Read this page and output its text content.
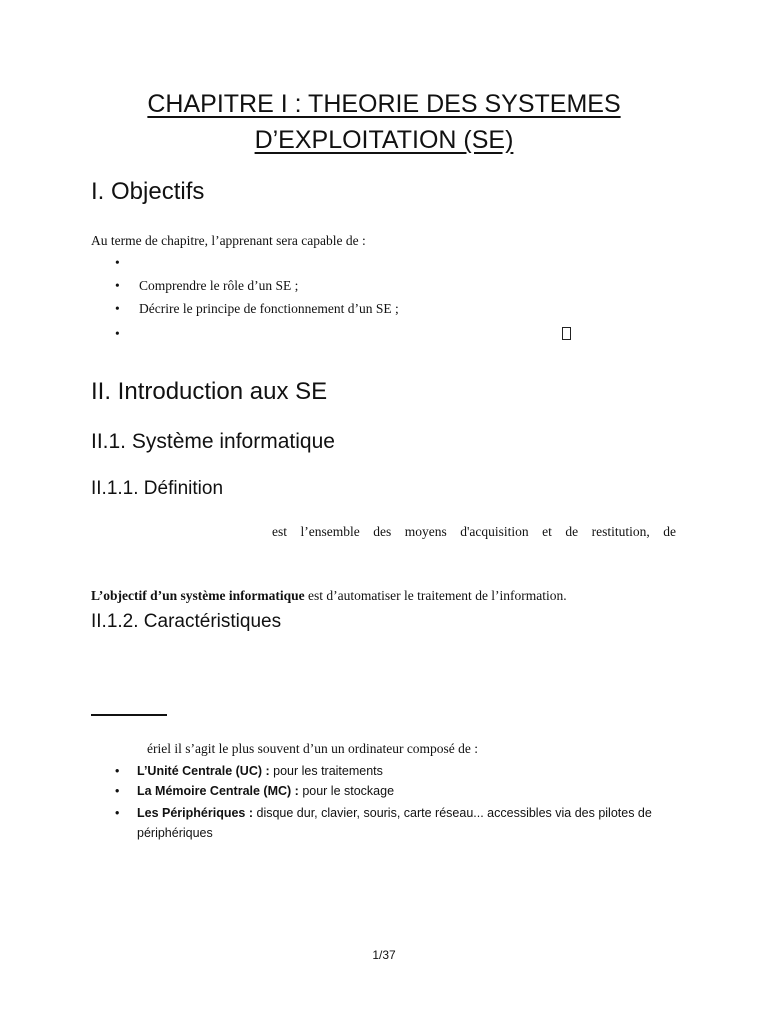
CHAPITRE I : THEORIE DES SYSTEMES
D’EXPLOITATION (SE)
I. Objectifs
Au terme de chapitre, l’apprenant sera capable de :
•
• Comprendre le rôle d’un SE ;
• Décrire le principe de fonctionnement d’un SE ;
•
II. Introduction aux SE
II.1. Système informatique
II.1.1. Définition
est l’ensemble des moyens d'acquisition et de restitution, de
L’objectif d’un système informatique est d’automatiser le traitement de l’information.
II.1.2. Caractéristiques
ériel il s’agit le plus souvent d’un un ordinateur composé de :
• L’Unité Centrale (UC) : pour les traitements
• La Mémoire Centrale (MC) : pour le stockage
• Les Périphériques : disque dur, clavier, souris, carte réseau... accessibles via des pilotes de
périphériques
1/37
